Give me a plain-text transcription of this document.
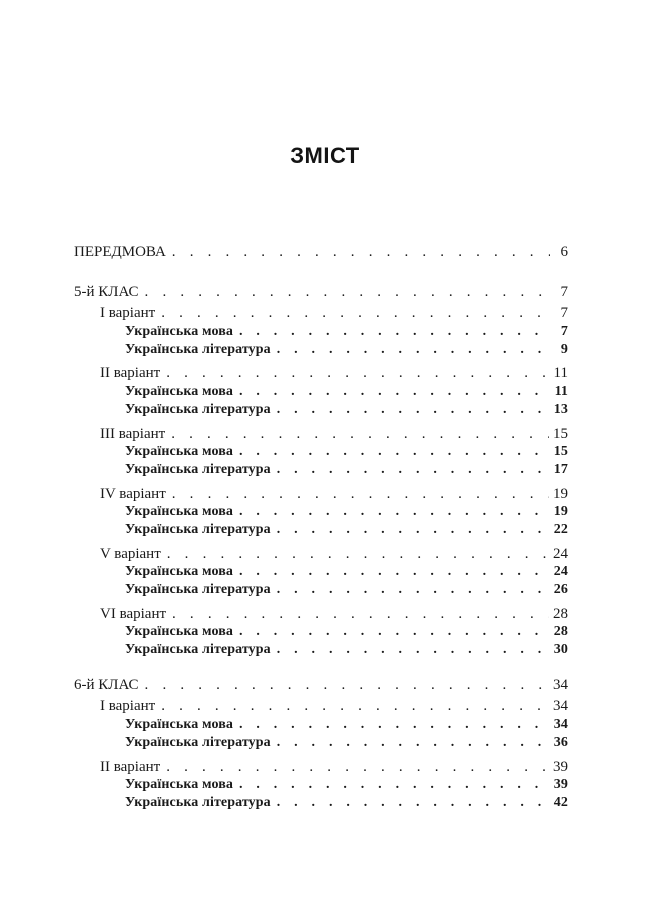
ЗМІСТ
ПЕРЕДМОВА . . .	6
5-й КЛАС . . .	7
І варіант . . .	7
Українська мова . . .	7
Українська література . . .	9
ІІ варіант . . .	11
Українська мова . . .	11
Українська література . . .	13
ІІІ варіант . . .	15
Українська мова . . .	15
Українська література . . .	17
IV варіант . . .	19
Українська мова . . .	19
Українська література . . .	22
V варіант . . .	24
Українська мова . . .	24
Українська література . . .	26
VI варіант . . .	28
Українська мова . . .	28
Українська література . . .	30
6-й КЛАС . . .	34
І варіант . . .	34
Українська мова . . .	34
Українська література . . .	36
ІІ варіант . . .	39
Українська мова . . .	39
Українська література . . .	42
